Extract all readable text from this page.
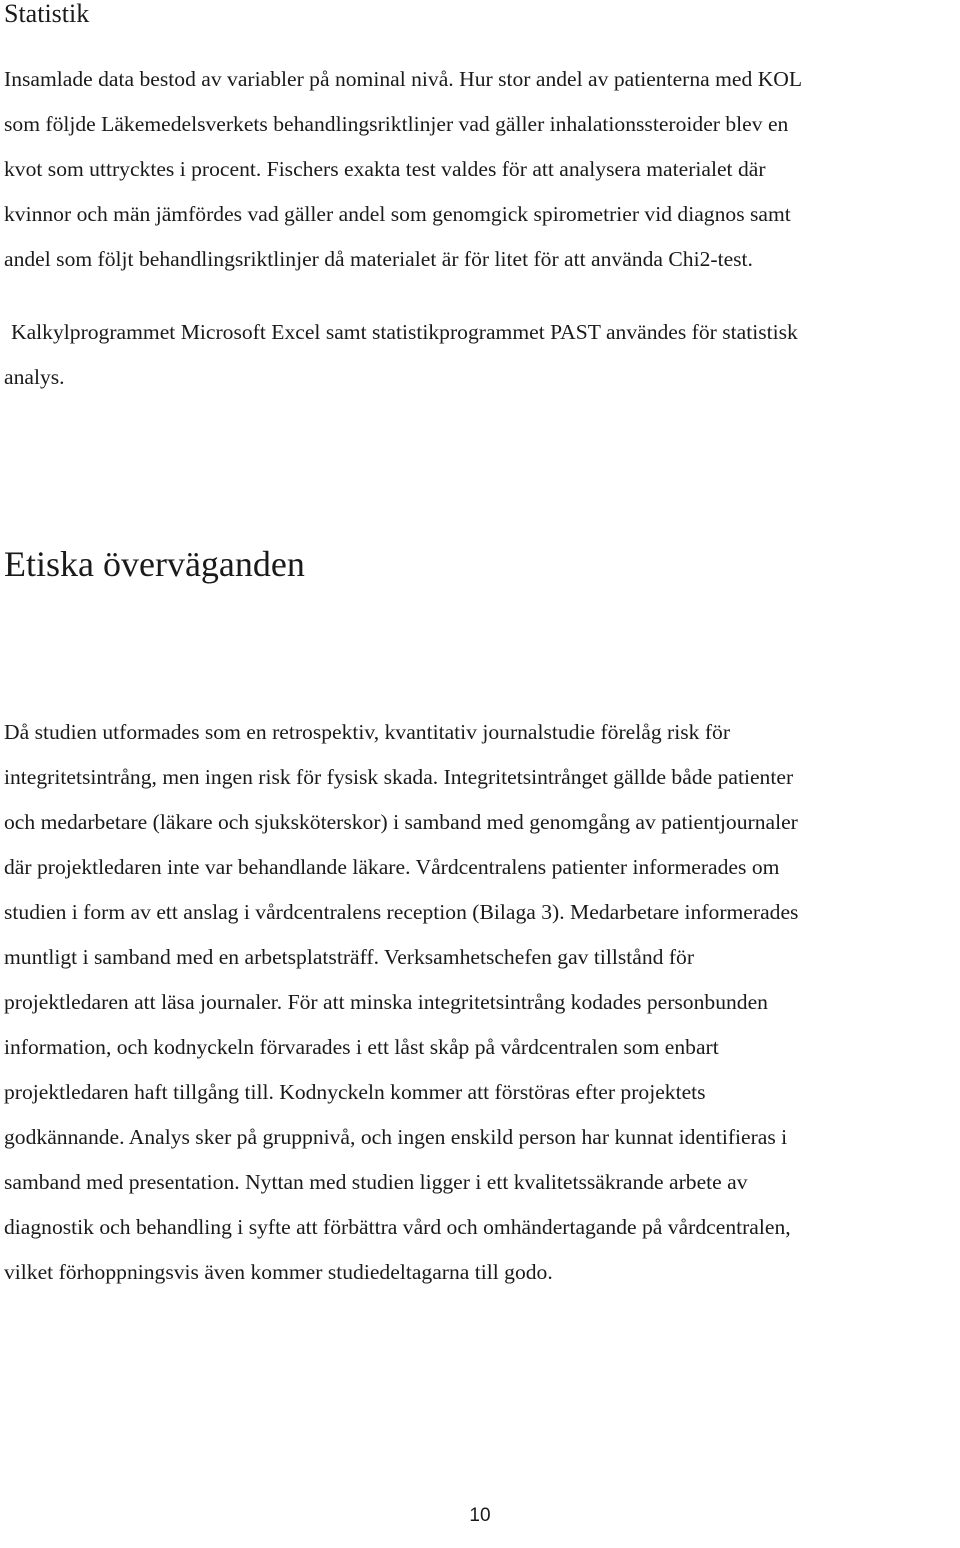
Statistik

Insamlade data bestod av variabler på nominal nivå. Hur stor andel av patienterna med KOL
som följde Läkemedelsverkets behandlingsriktlinjer vad gäller inhalationssteroider blev en
kvot som uttrycktes i procent. Fischers exakta test valdes för att analysera materialet där
kvinnor och män jämfördes vad gäller andel som genomgick spirometrier vid diagnos samt
andel som följt behandlingsriktlinjer då materialet är för litet för att använda Chi2-test.

Kalkylprogrammet Microsoft Excel samt statistikprogrammet PAST användes för statistisk
analys.

Etiska överväganden

Då studien utformades som en retrospektiv, kvantitativ journalstudie förelåg risk för
integritetsintrång, men ingen risk för fysisk skada. Integritetsintrånget gällde både patienter
och medarbetare (läkare och sjuksköterskor) i samband med genomgång av patientjournaler
där projektledaren inte var behandlande läkare. Vårdcentralens patienter informerades om
studien i form av ett anslag i vårdcentralens reception (Bilaga 3). Medarbetare informerades
muntligt i samband med en arbetsplatsträff. Verksamhetschefen gav tillstånd för
projektledaren att läsa journaler. För att minska integritetsintrång kodades personbunden
information, och kodnyckeln förvarades i ett låst skåp på vårdcentralen som enbart
projektledaren haft tillgång till. Kodnyckeln kommer att förstöras efter projektets
godkännande. Analys sker på gruppnivå, och ingen enskild person har kunnat identifieras i
samband med presentation. Nyttan med studien ligger i ett kvalitetssäkrande arbete av
diagnostik och behandling i syfte att förbättra vård och omhändertagande på vårdcentralen,
vilket förhoppningsvis även kommer studiedeltagarna till godo.

10
